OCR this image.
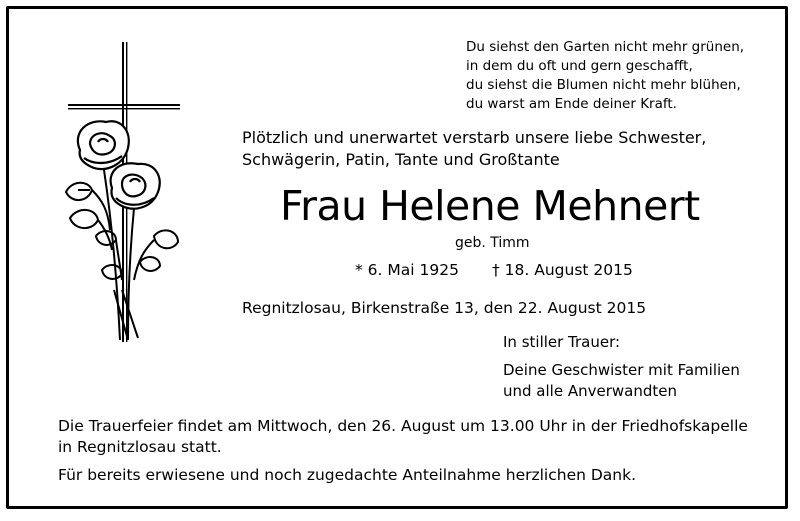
Du siehst den Garten nicht mehr grünen,
in dem du oft und gern geschafft,
du siehst die Blumen nicht mehr blühen,
du warst am Ende deiner Kraft.
Plötzlich und unerwartet verstarb unsere liebe Schwester,
Schwägerin, Patin, Tante und Großtante
Frau Helene Mehnert
geb. Timm
* 6. Mai 1925 † 18. August 2015
Regnitzlosau, Birkenstraße 13, den 22. August 2015
In stiller Trauer:
Deine Geschwister mit Familien
und alle Anverwandten
Die Trauerfeier findet am Mittwoch, den 26. August um 13.00 Uhr in der Friedhofskapelle
in Regnitzlosau statt.
Für bereits erwiesene und noch zugedachte Anteilnahme herzlichen Dank.
